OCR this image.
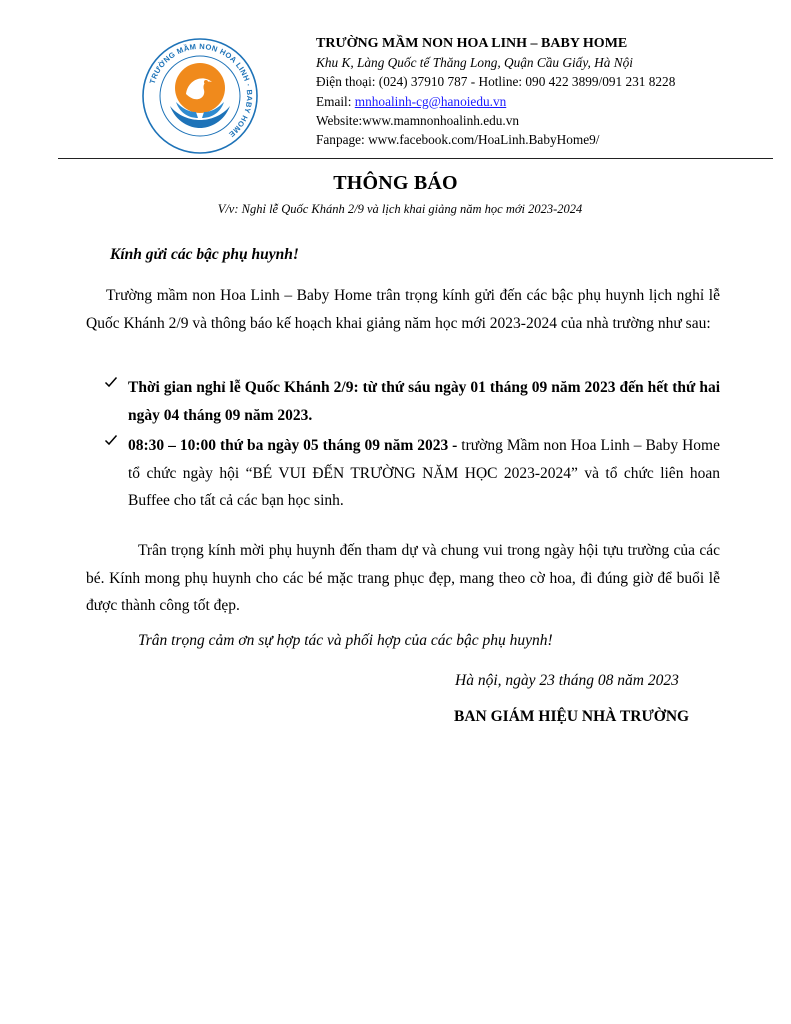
TRƯỜNG MẦM NON HOA LINH · BABY HOME
TRƯỜNG MẦM NON HOA LINH – BABY HOME
Khu K, Làng Quốc tế Thăng Long, Quận Cầu Giấy, Hà Nội
Điện thoại: (024) 37910 787 - Hotline: 090 422 3899/091 231 8228
Email: mnhoalinh-cg@hanoiedu.vn
Website:www.mamnonhoalinh.edu.vn
Fanpage: www.facebook.com/HoaLinh.BabyHome9/
THÔNG BÁO
V/v: Nghỉ lễ Quốc Khánh 2/9 và lịch khai giảng năm học mới 2023-2024
Kính gửi các bậc phụ huynh!
Trường mầm non Hoa Linh – Baby Home trân trọng kính gửi đến các bậc phụ huynh lịch nghỉ lễ Quốc Khánh 2/9 và thông báo kế hoạch khai giảng năm học mới 2023-2024 của nhà trường như sau:
Thời gian nghỉ lễ Quốc Khánh 2/9: từ thứ sáu ngày 01 tháng 09 năm 2023 đến hết thứ hai ngày 04 tháng 09 năm 2023.
08:30 – 10:00 thứ ba ngày 05 tháng 09 năm 2023 - trường Mầm non Hoa Linh – Baby Home tổ chức ngày hội “BÉ VUI ĐẾN TRƯỜNG NĂM HỌC 2023-2024” và tổ chức liên hoan Buffee cho tất cả các bạn học sinh.
Trân trọng kính mời phụ huynh đến tham dự và chung vui trong ngày hội tựu trường của các bé. Kính mong phụ huynh cho các bé mặc trang phục đẹp, mang theo cờ hoa, đi đúng giờ để buổi lễ được thành công tốt đẹp.
Trân trọng cảm ơn sự hợp tác và phối hợp của các bậc phụ huynh!
Hà nội, ngày 23 tháng 08 năm 2023
BAN GIÁM HIỆU NHÀ TRƯỜNG
